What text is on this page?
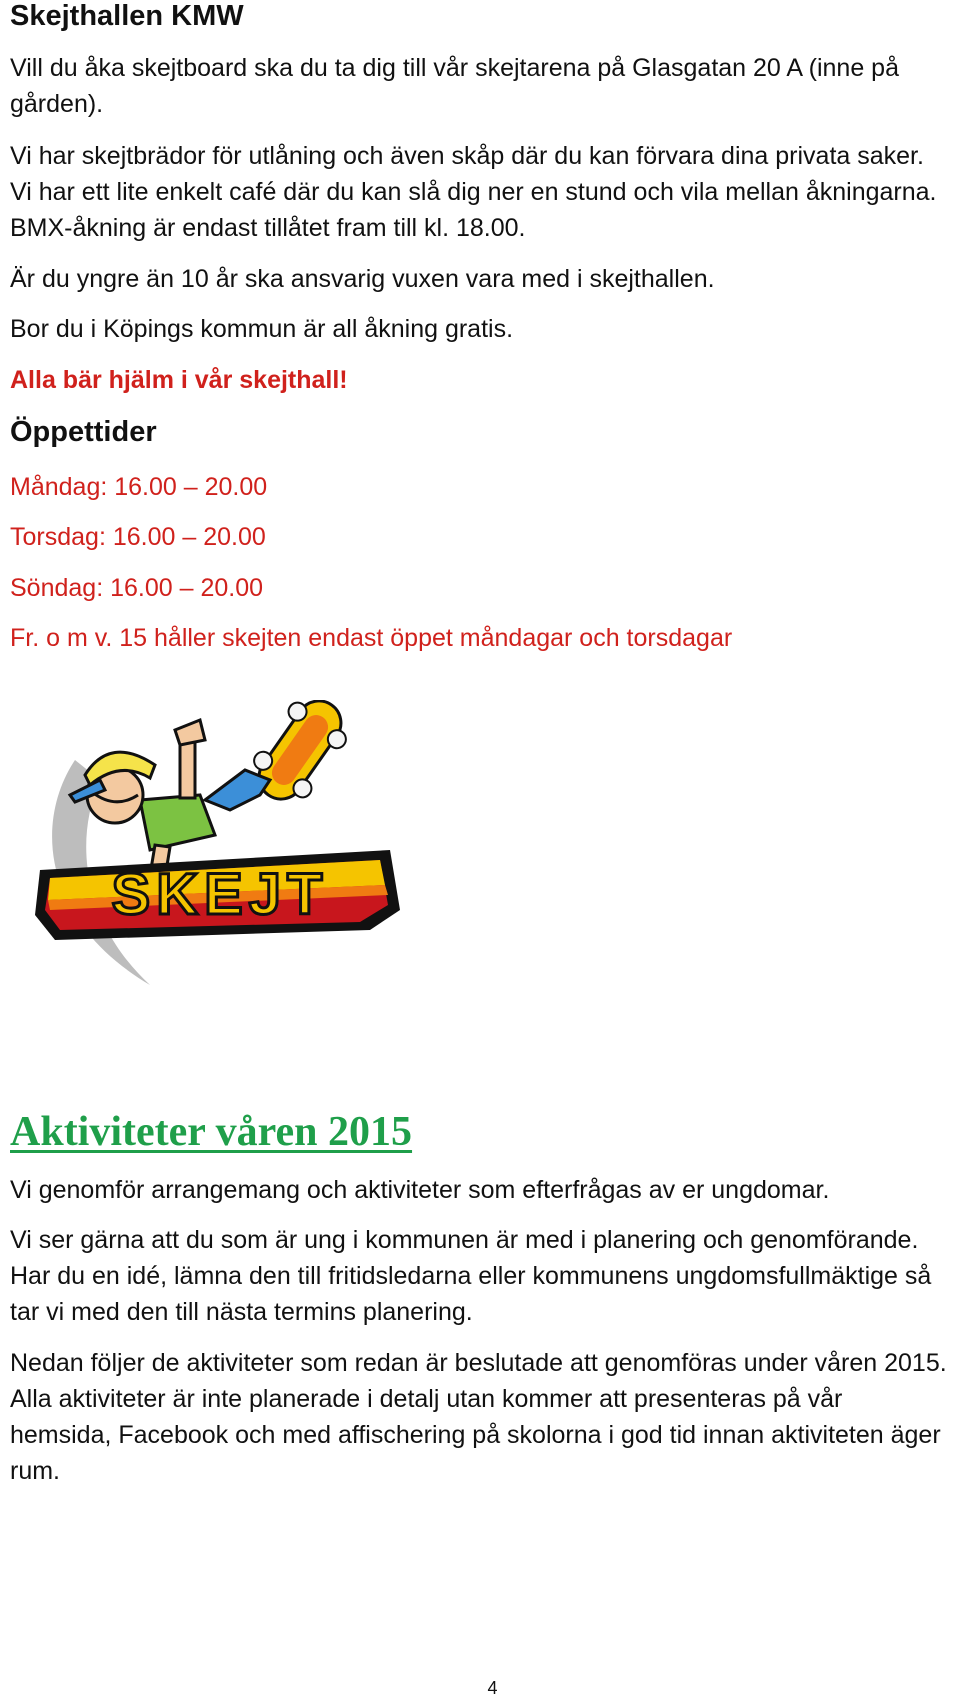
Skejthallen KMW

Vill du åka skejtboard ska du ta dig till vår skejtarena på Glasgatan 20 A (inne på gården).

Vi har skejtbrädor för utlåning och även skåp där du kan förvara dina privata saker. Vi har ett lite enkelt café där du kan slå dig ner en stund och vila mellan åkningarna. BMX-åkning är endast tillåtet fram till kl. 18.00.

Är du yngre än 10 år ska ansvarig vuxen vara med i skejthallen.

Bor du i Köpings kommun är all åkning gratis.

Alla bär hjälm i vår skejthall!

Öppettider

Måndag: 16.00 – 20.00

Torsdag: 16.00 – 20.00

Söndag: 16.00 – 20.00

Fr. o m v. 15 håller skejten endast öppet måndagar och torsdagar

SKEJT
Aktiviteter våren 2015

Vi genomför arrangemang och aktiviteter som efterfrågas av er ungdomar.

Vi ser gärna att du som är ung i kommunen är med i planering och genomförande. Har du en idé, lämna den till fritidsledarna eller kommunens ungdomsfullmäktige så tar vi med den till nästa termins planering.

Nedan följer de aktiviteter som redan är beslutade att genomföras under våren 2015. Alla aktiviteter är inte planerade i detalj utan kommer att presenteras på vår hemsida, Facebook och med affischering på skolorna i god tid innan aktiviteten äger rum.

4
